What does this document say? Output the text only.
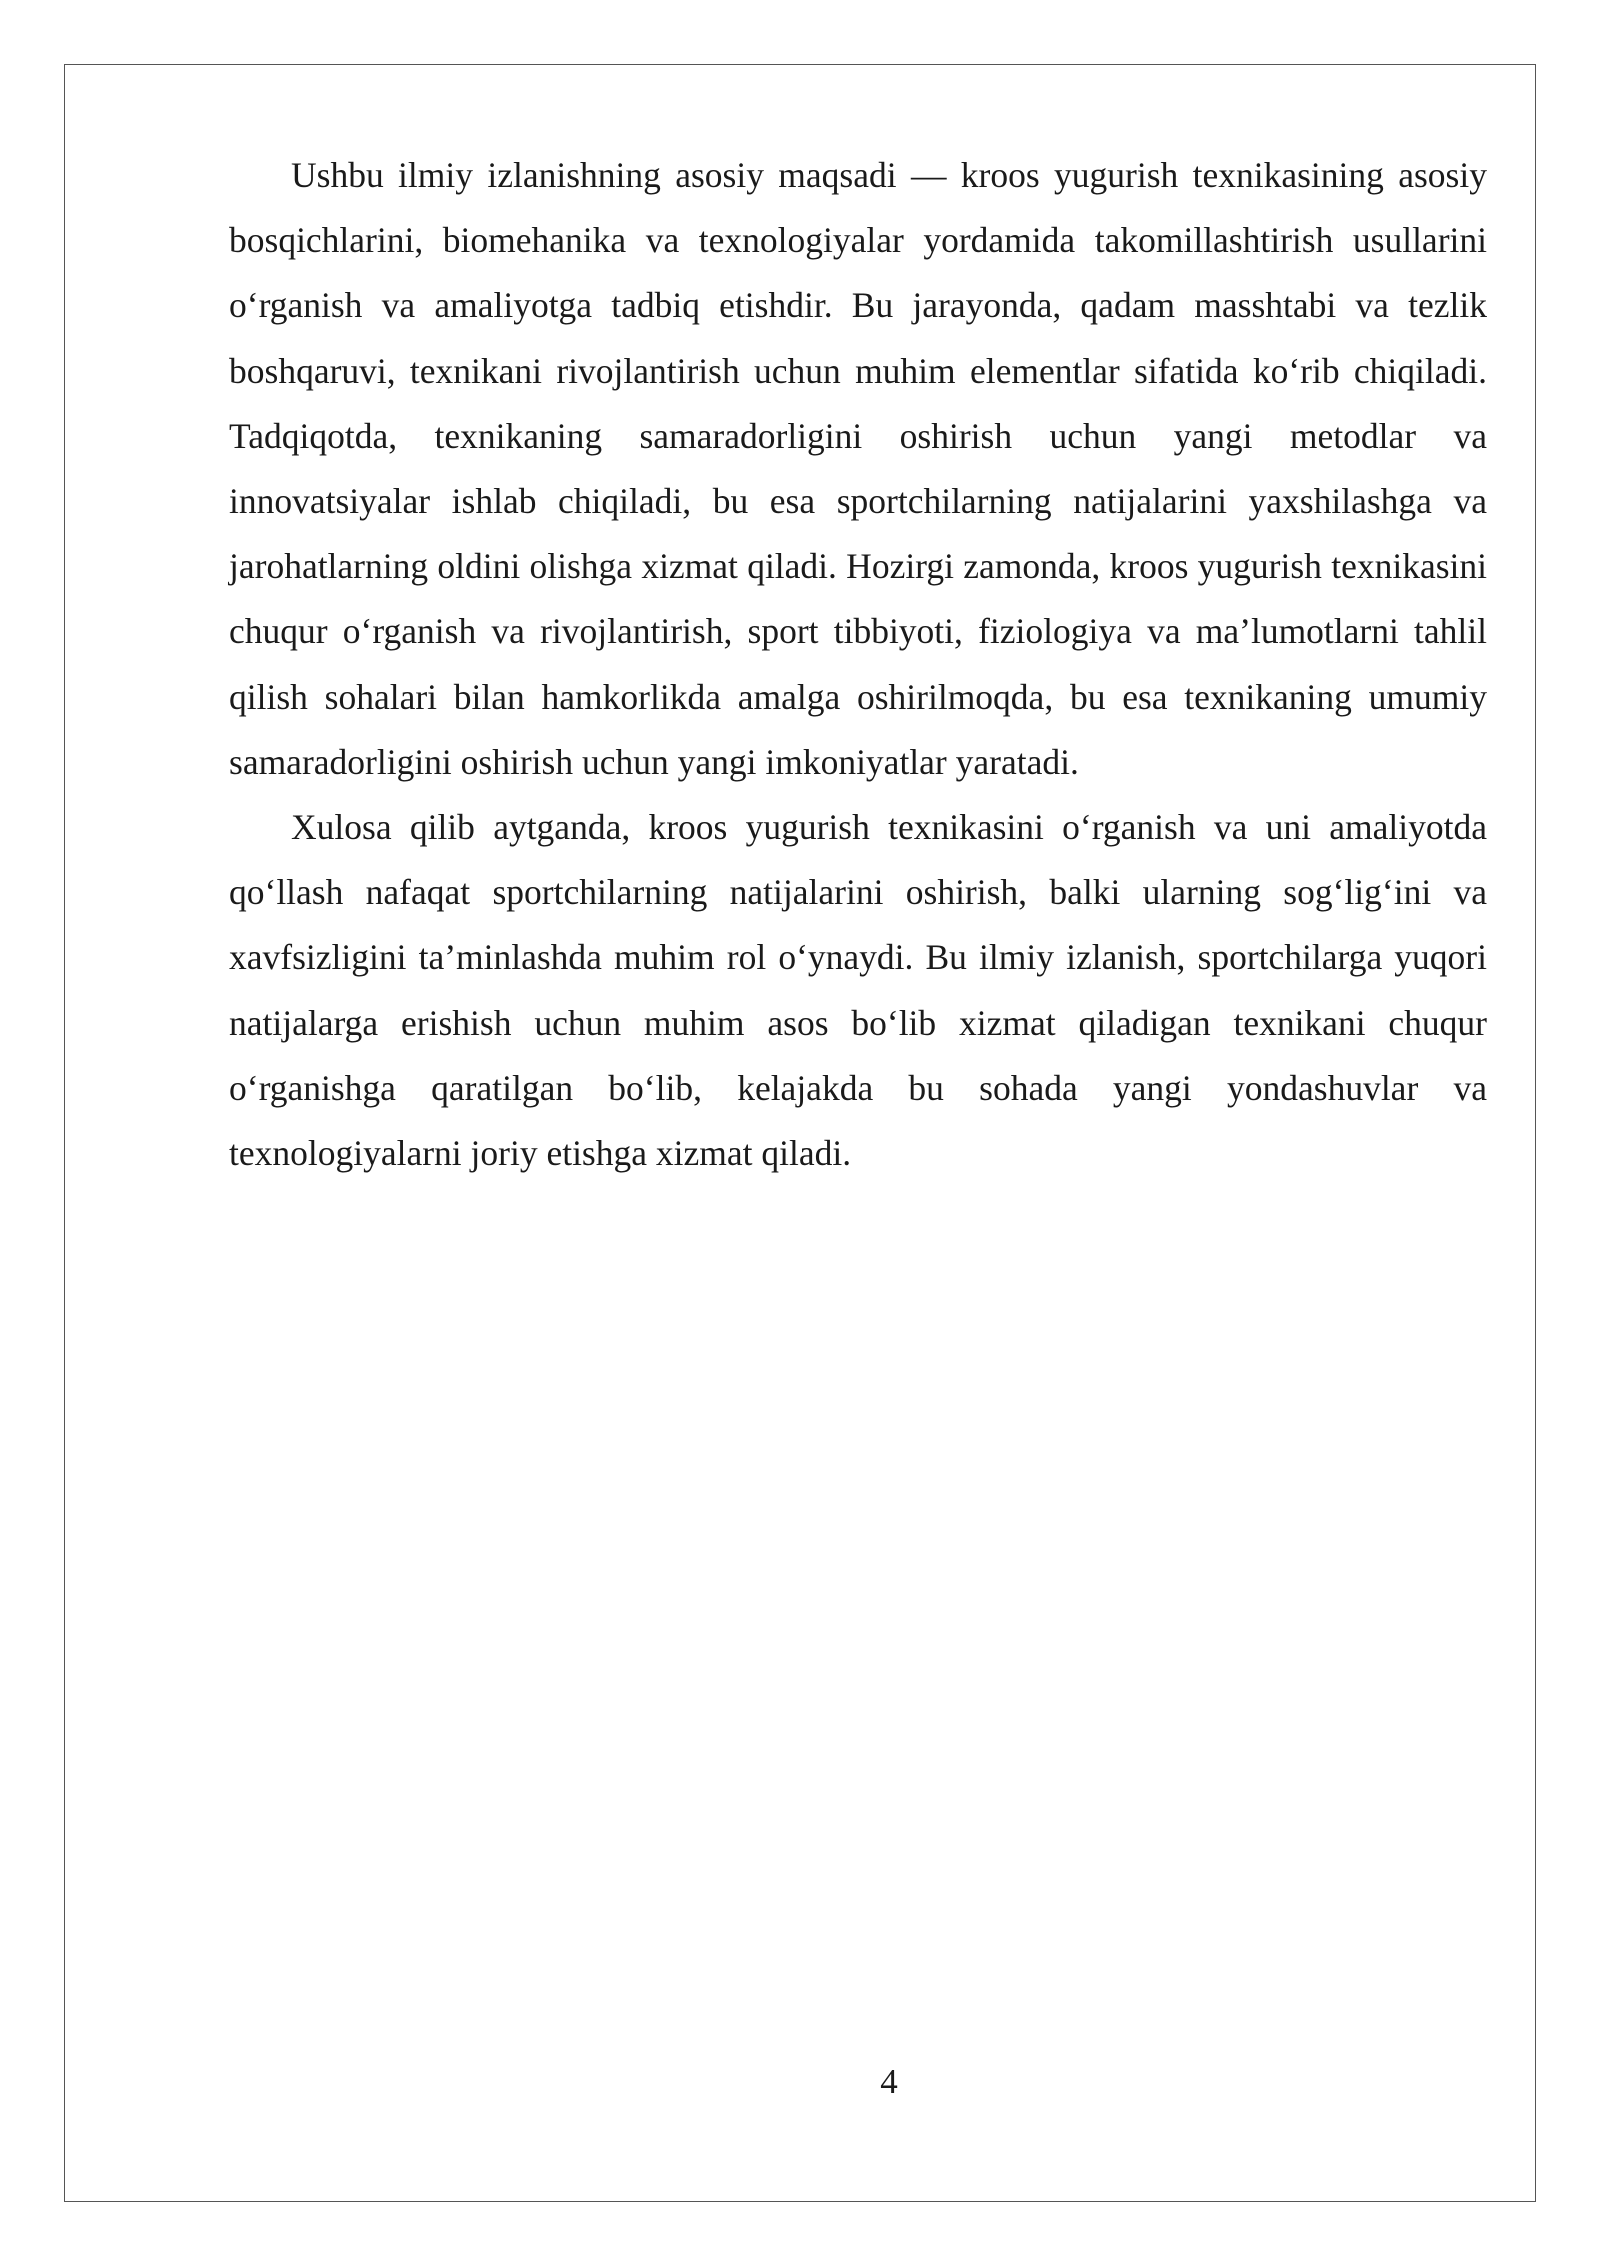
Ushbu ilmiy izlanishning asosiy maqsadi — kroos yugurish texnikasining asosiy bosqichlarini, biomehanika va texnologiyalar yordamida takomillashtirish usullarini o‘rganish va amaliyotga tadbiq etishdir. Bu jarayonda, qadam masshtabi va tezlik boshqaruvi, texnikani rivojlantirish uchun muhim elementlar sifatida ko‘rib chiqiladi. Tadqiqotda, texnikaning samaradorligini oshirish uchun yangi metodlar va innovatsiyalar ishlab chiqiladi, bu esa sportchilarning natijalarini yaxshilashga va jarohatlarning oldini olishga xizmat qiladi. Hozirgi zamonda, kroos yugurish texnikasini chuqur o‘rganish va rivojlantirish, sport tibbiyoti, fiziologiya va ma’lumotlarni tahlil qilish sohalari bilan hamkorlikda amalga oshirilmoqda, bu esa texnikaning umumiy samaradorligini oshirish uchun yangi imkoniyatlar yaratadi.

Xulosa qilib aytganda, kroos yugurish texnikasini o‘rganish va uni amaliyotda qo‘llash nafaqat sportchilarning natijalarini oshirish, balki ularning sog‘lig‘ini va xavfsizligini ta’minlashda muhim rol o‘ynaydi. Bu ilmiy izlanish, sportchilarga yuqori natijalarga erishish uchun muhim asos bo‘lib xizmat qiladigan texnikani chuqur o‘rganishga qaratilgan bo‘lib, kelajakda bu sohada yangi yondashuvlar va texnologiyalarni joriy etishga xizmat qiladi.

4
